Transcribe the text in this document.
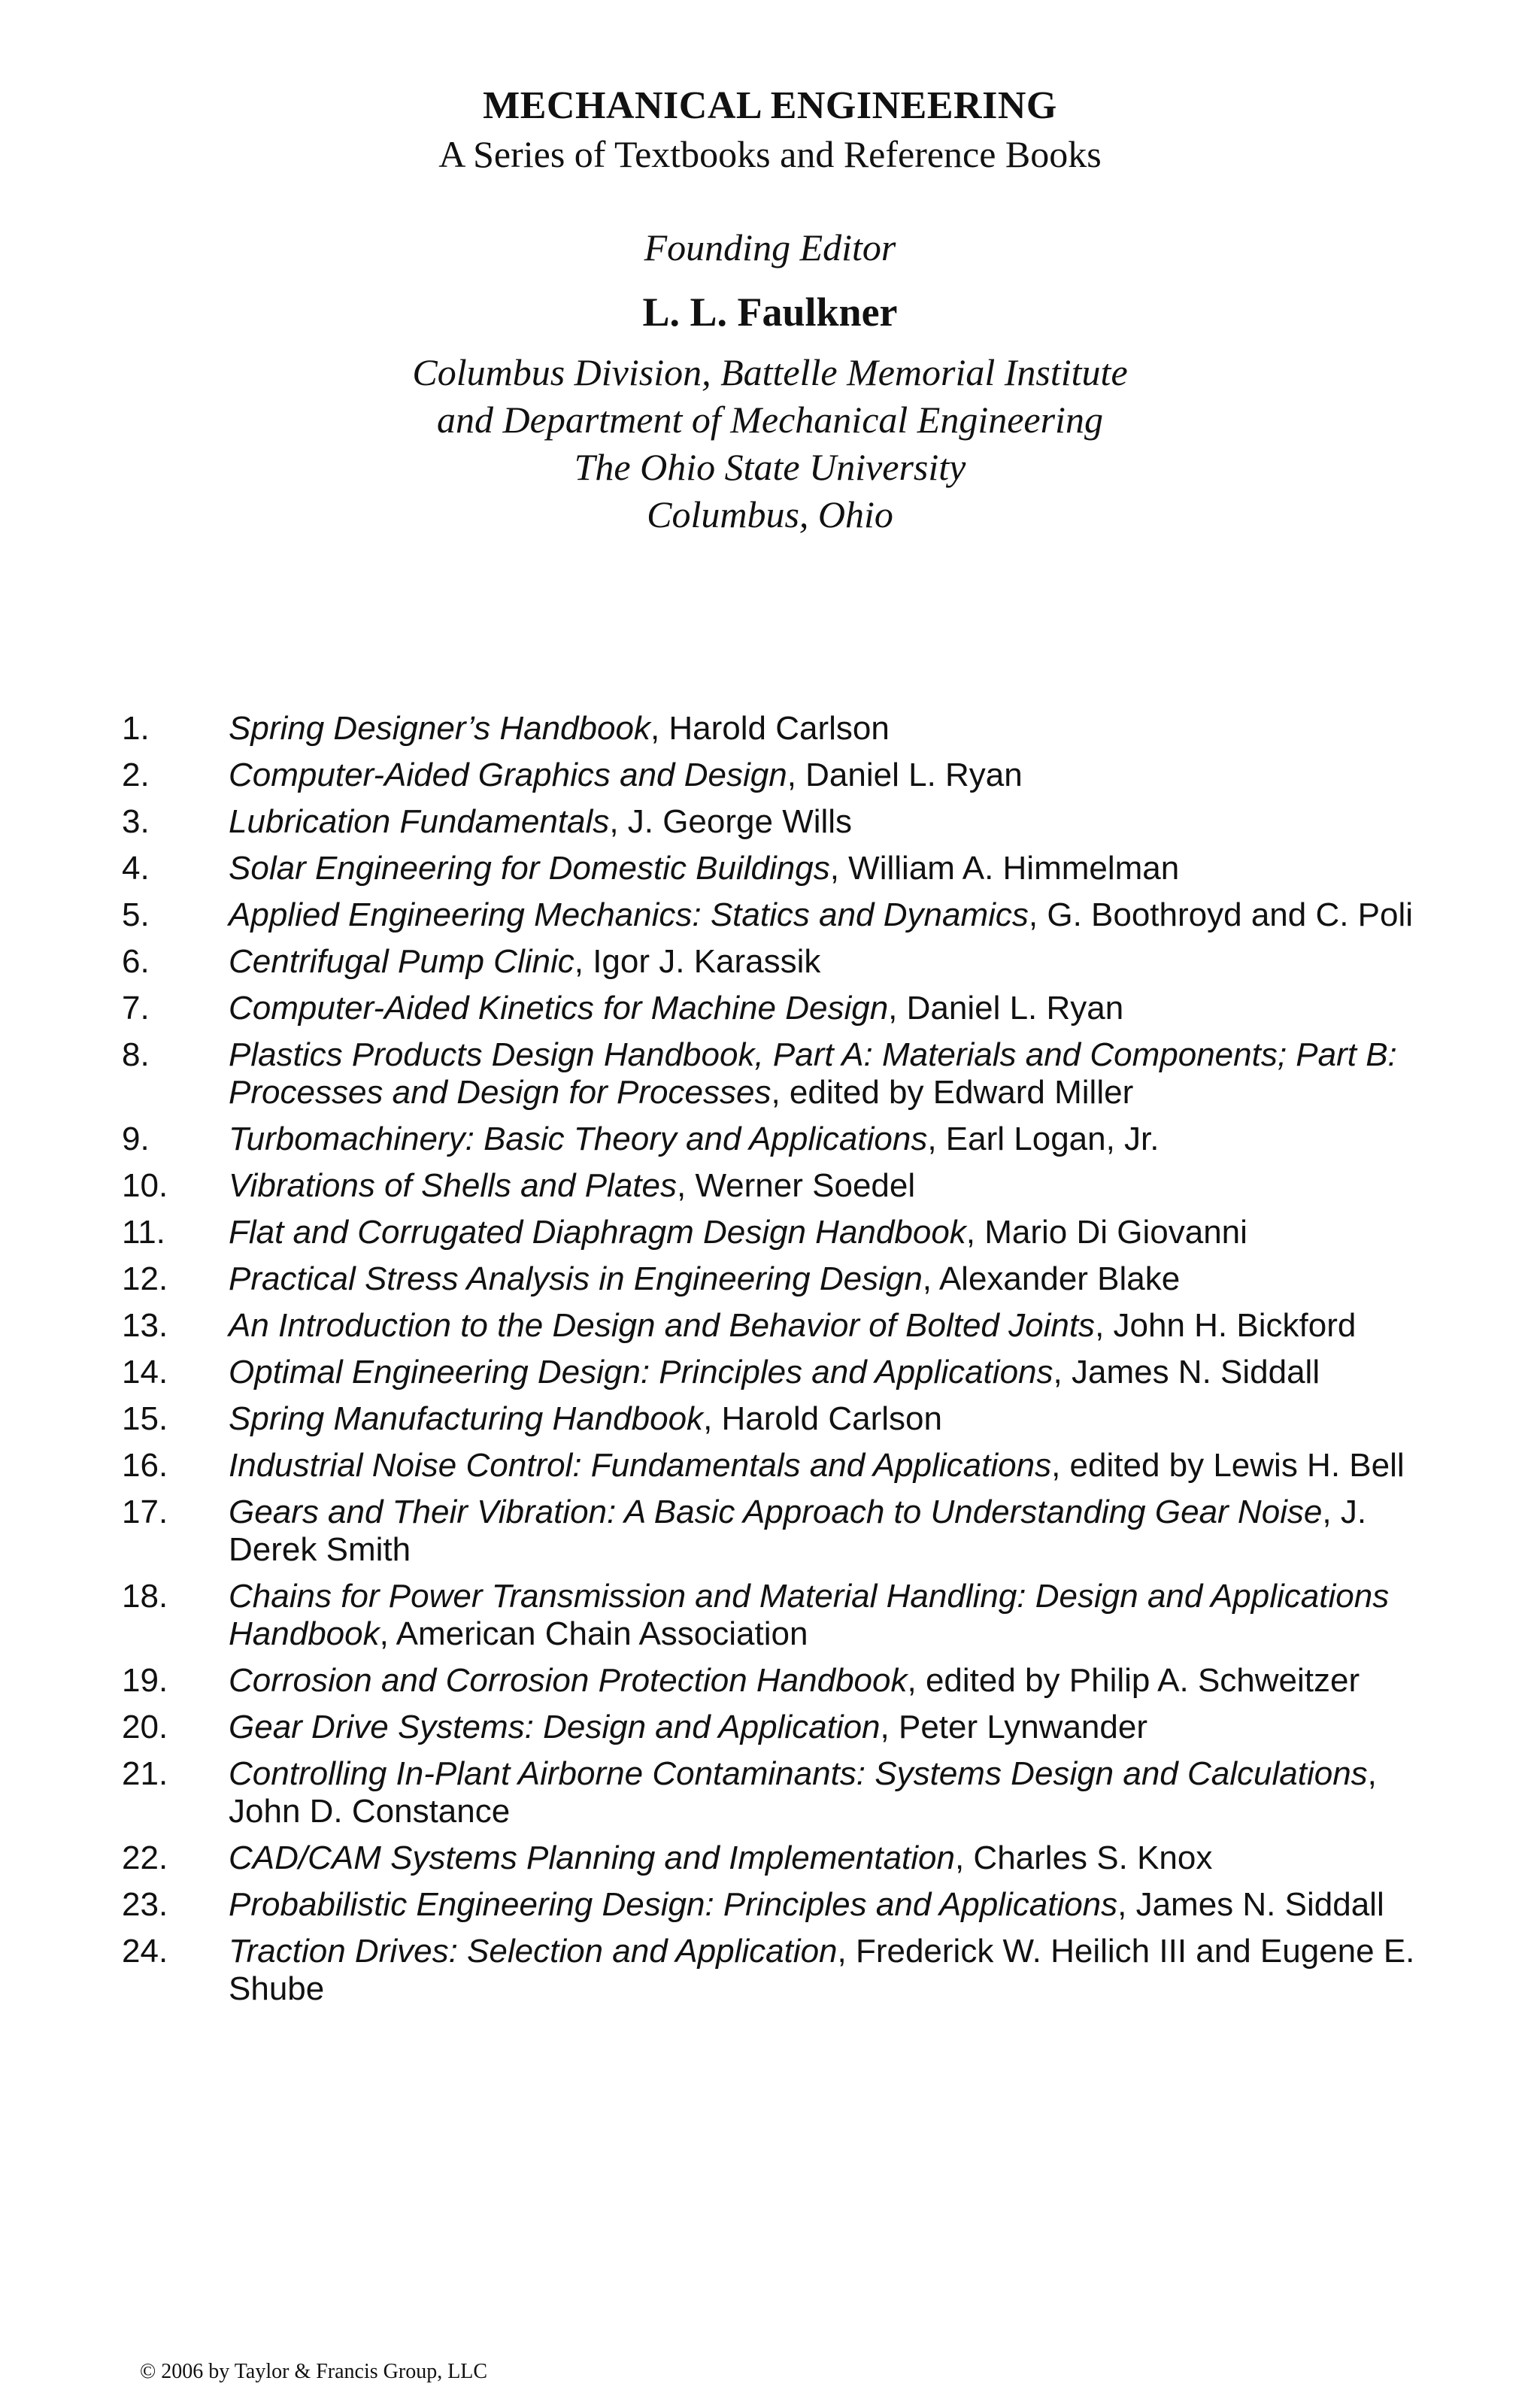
MECHANICAL ENGINEERING
A Series of Textbooks and Reference Books
Founding Editor
L. L. Faulkner
Columbus Division, Battelle Memorial Institute
and Department of Mechanical Engineering
The Ohio State University
Columbus, Ohio
1.	Spring Designer’s Handbook, Harold Carlson
2.	Computer-Aided Graphics and Design, Daniel L. Ryan
3.	Lubrication Fundamentals, J. George Wills
4.	Solar Engineering for Domestic Buildings, William A. Himmelman
5.	Applied Engineering Mechanics: Statics and Dynamics, G. Boothroyd and C. Poli
6.	Centrifugal Pump Clinic, Igor J. Karassik
7.	Computer-Aided Kinetics for Machine Design, Daniel L. Ryan
8.	Plastics Products Design Handbook, Part A: Materials and Components; Part B: Processes and Design for Processes, edited by Edward Miller
9.	Turbomachinery: Basic Theory and Applications, Earl Logan, Jr.
10.	Vibrations of Shells and Plates, Werner Soedel
11.	Flat and Corrugated Diaphragm Design Handbook, Mario Di Giovanni
12.	Practical Stress Analysis in Engineering Design, Alexander Blake
13.	An Introduction to the Design and Behavior of Bolted Joints, John H. Bickford
14.	Optimal Engineering Design: Principles and Applications, James N. Siddall
15.	Spring Manufacturing Handbook, Harold Carlson
16.	Industrial Noise Control: Fundamentals and Applications, edited by Lewis H. Bell
17.	Gears and Their Vibration: A Basic Approach to Understanding Gear Noise, J. Derek Smith
18.	Chains for Power Transmission and Material Handling: Design and Applications Handbook, American Chain Association
19.	Corrosion and Corrosion Protection Handbook, edited by Philip A. Schweitzer
20.	Gear Drive Systems: Design and Application, Peter Lynwander
21.	Controlling In-Plant Airborne Contaminants: Systems Design and Calculations, John D. Constance
22.	CAD/CAM Systems Planning and Implementation, Charles S. Knox
23.	Probabilistic Engineering Design: Principles and Applications, James N. Siddall
24.	Traction Drives: Selection and Application, Frederick W. Heilich III and Eugene E. Shube
© 2006 by Taylor & Francis Group, LLC
